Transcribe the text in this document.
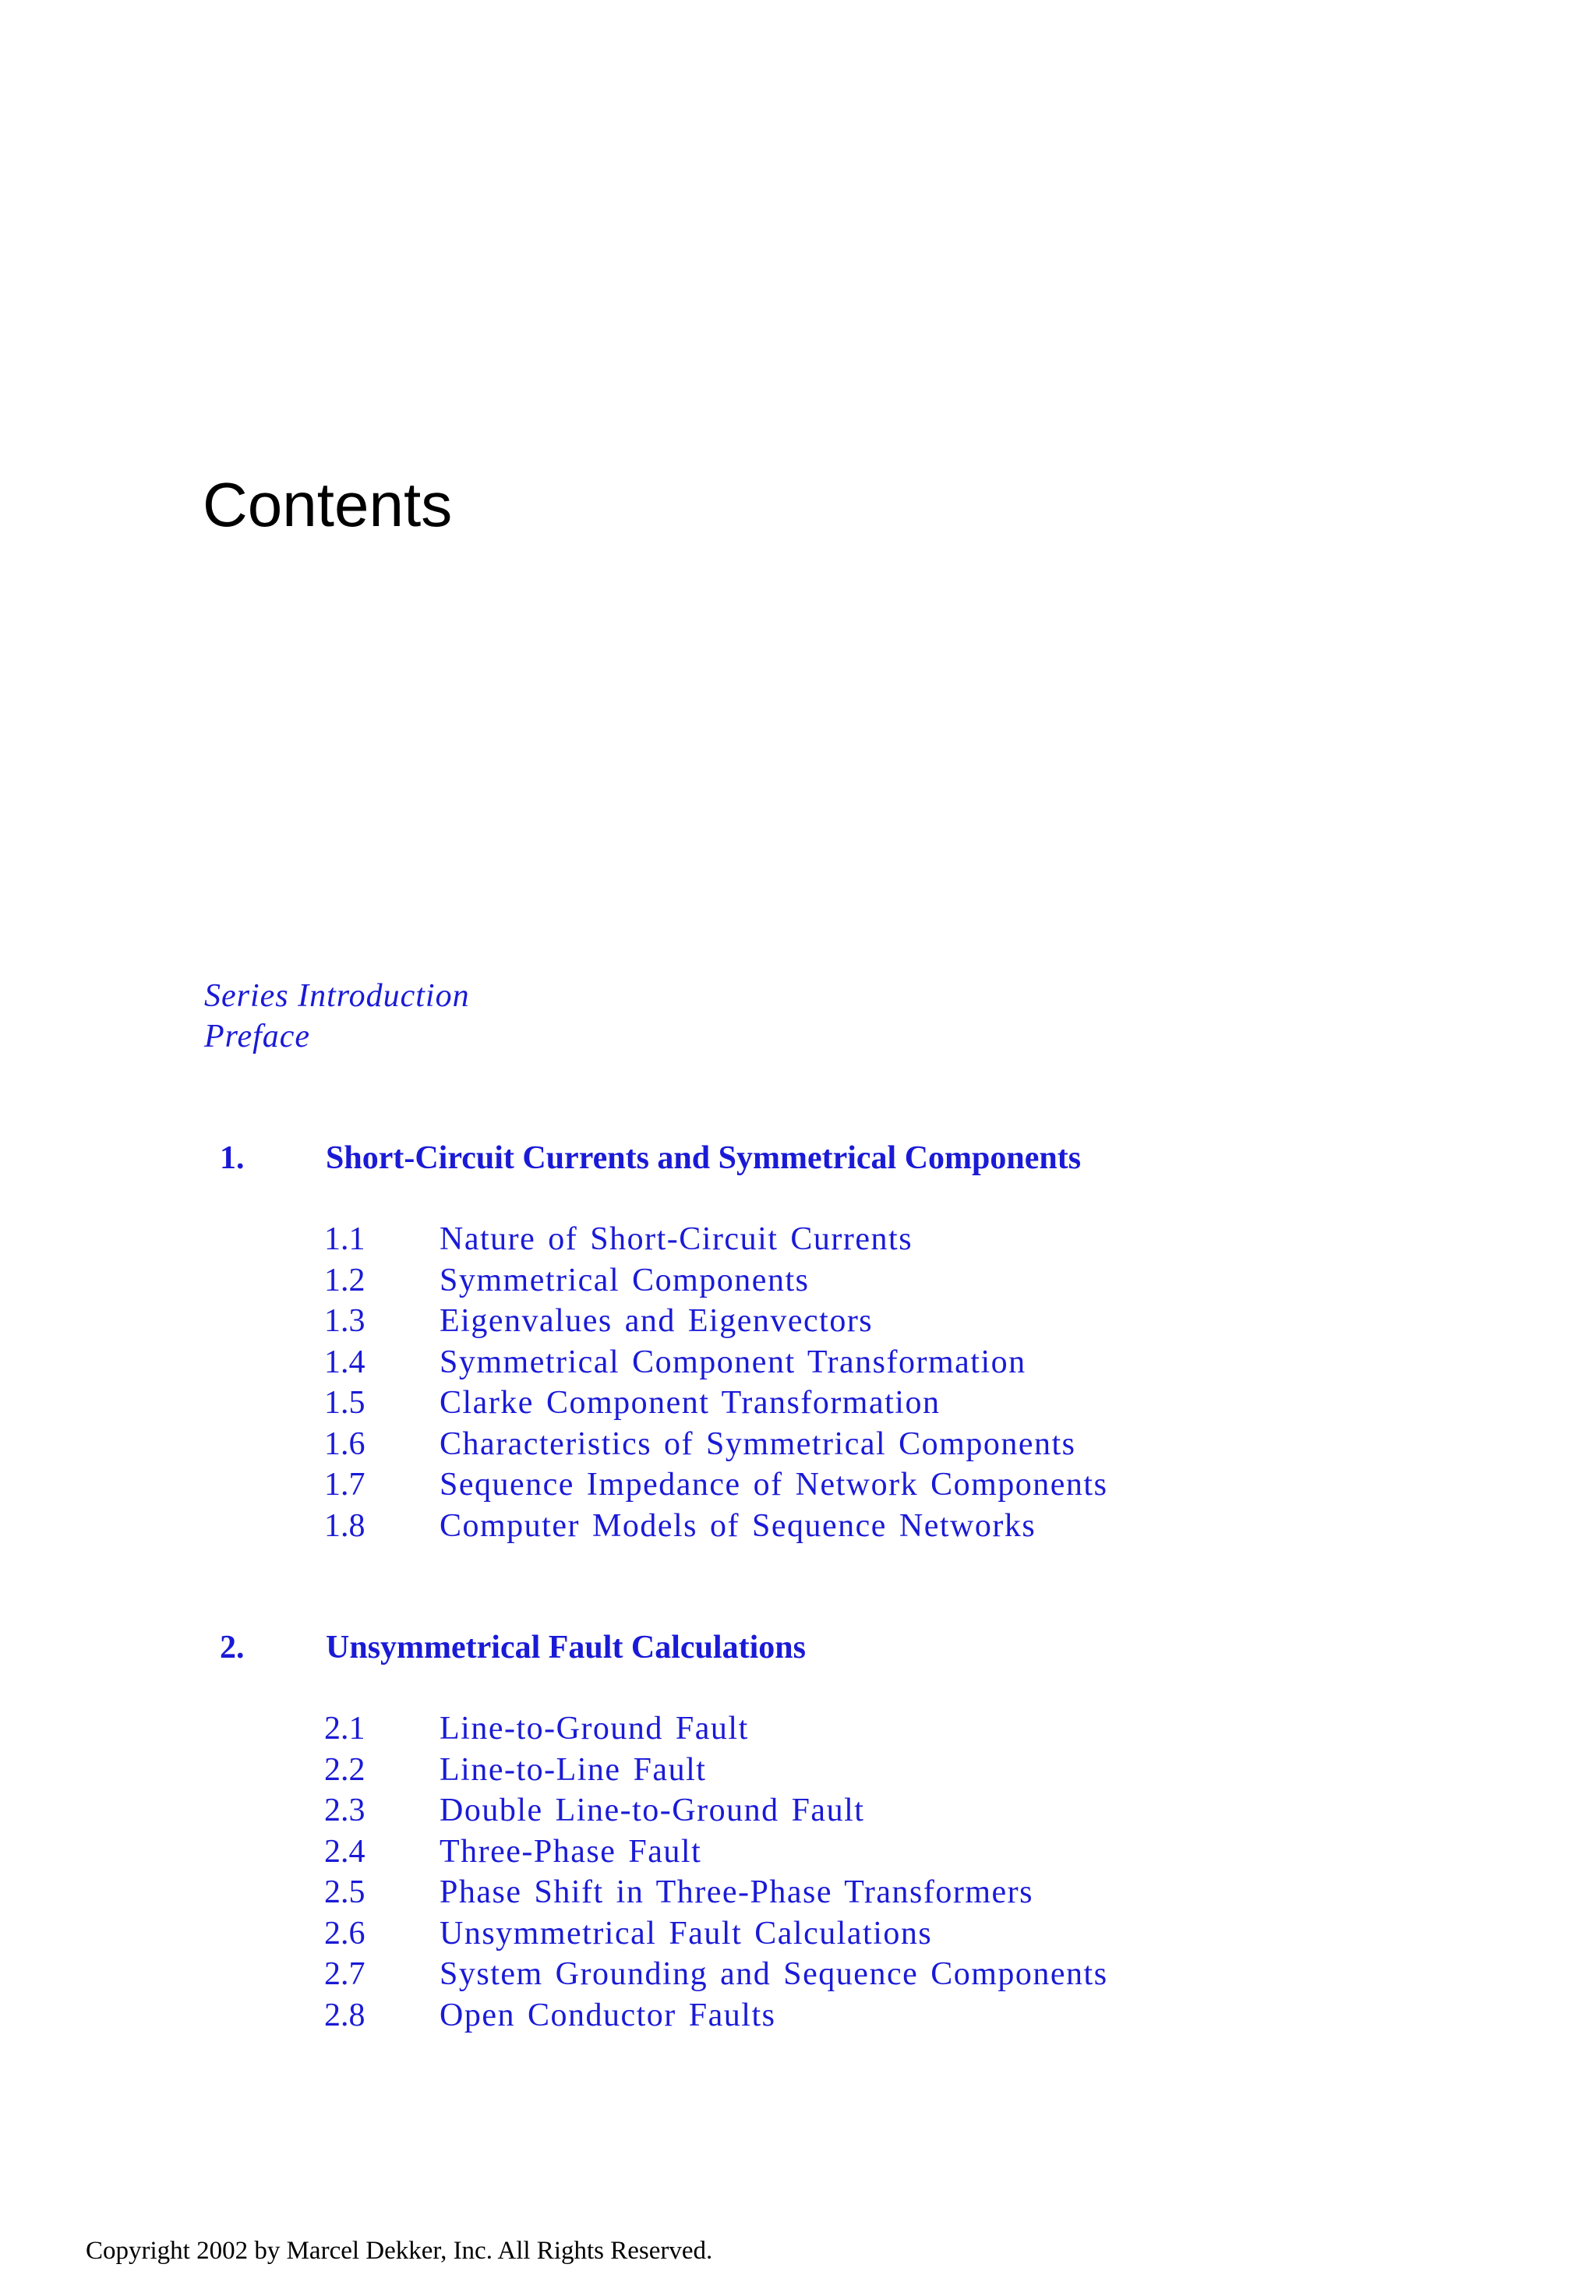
Contents
Series Introduction
Preface
1. Short-Circuit Currents and Symmetrical Components
1.1 Nature of Short-Circuit Currents
1.2 Symmetrical Components
1.3 Eigenvalues and Eigenvectors
1.4 Symmetrical Component Transformation
1.5 Clarke Component Transformation
1.6 Characteristics of Symmetrical Components
1.7 Sequence Impedance of Network Components
1.8 Computer Models of Sequence Networks
2. Unsymmetrical Fault Calculations
2.1 Line-to-Ground Fault
2.2 Line-to-Line Fault
2.3 Double Line-to-Ground Fault
2.4 Three-Phase Fault
2.5 Phase Shift in Three-Phase Transformers
2.6 Unsymmetrical Fault Calculations
2.7 System Grounding and Sequence Components
2.8 Open Conductor Faults
Copyright 2002 by Marcel Dekker, Inc. All Rights Reserved.
